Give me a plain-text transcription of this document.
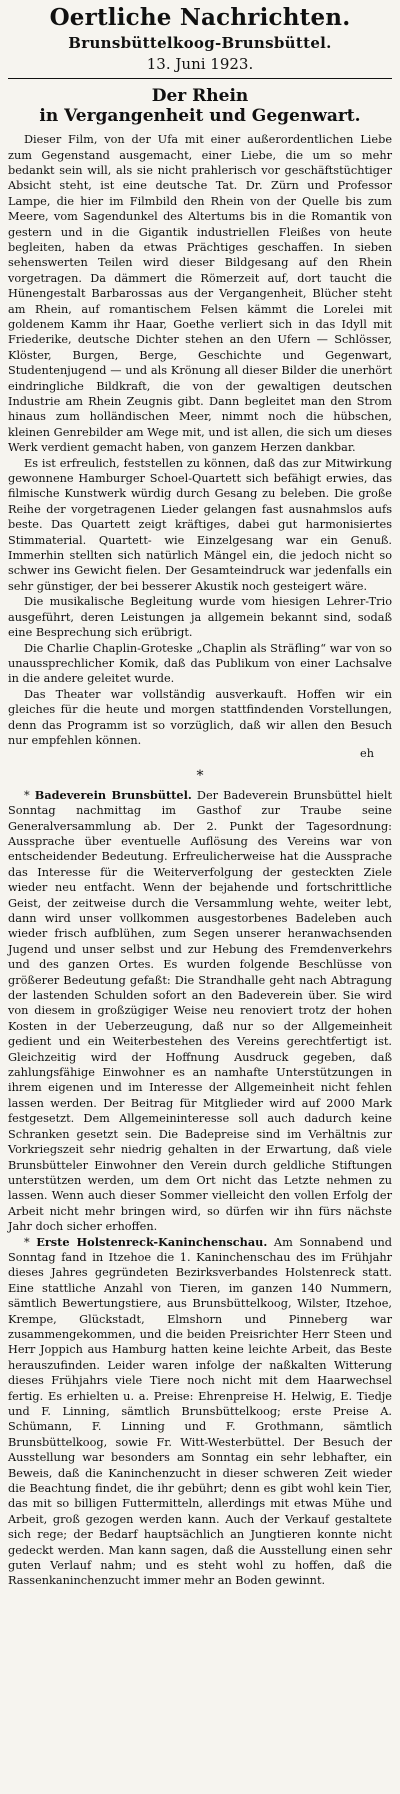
Oertliche Nachrichten.
Brunsbüttelkoog-Brunsbüttel.
13. Juni 1923.
Der Rhein
in Vergangenheit und Gegenwart.

Dieser Film, von der Ufa mit einer außerordentlichen Liebe zum Gegenstand ausgemacht, einer Liebe, die um so mehr bedankt sein will, als sie nicht prahlerisch vor geschäftstüchtiger Absicht steht, ist eine deutsche Tat. Dr. Zürn und Professor Lampe, die hier im Filmbild den Rhein von der Quelle bis zum Meere, vom Sagendunkel des Altertums bis in die Romantik von gestern und in die Gigantik industriellen Fleißes von heute begleiten, haben da etwas Prächtiges geschaffen. In sieben sehenswerten Teilen wird dieser Bildgesang auf den Rhein vorgetragen. Da dämmert die Römerzeit auf, dort taucht die Hünengestalt Barbarossas aus der Vergangenheit, Blücher steht am Rhein, auf romantischem Felsen kämmt die Lorelei mit goldenem Kamm ihr Haar, Goethe verliert sich in das Idyll mit Friederike, deutsche Dichter stehen an den Ufern — Schlösser, Klöster, Burgen, Berge, Geschichte und Gegenwart, Studentenjugend — und als Krönung all dieser Bilder die unerhört eindringliche Bildkraft, die von der gewaltigen deutschen Industrie am Rhein Zeugnis gibt. Dann begleitet man den Strom hinaus zum holländischen Meer, nimmt noch die hübschen, kleinen Genrebilder am Wege mit, und ist allen, die sich um dieses Werk verdient gemacht haben, von ganzem Herzen dankbar.

Es ist erfreulich, feststellen zu können, daß das zur Mitwirkung gewonnene Hamburger Schoel-Quartett sich befähigt erwies, das filmische Kunstwerk würdig durch Gesang zu beleben. Die große Reihe der vorgetragenen Lieder gelangen fast ausnahmslos aufs beste. Das Quartett zeigt kräftiges, dabei gut harmonisiertes Stimmaterial. Quartett- wie Einzelgesang war ein Genuß. Immerhin stellten sich natürlich Mängel ein, die jedoch nicht so schwer ins Gewicht fielen. Der Gesamteindruck war jedenfalls ein sehr günstiger, der bei besserer Akustik noch gesteigert wäre.

Die musikalische Begleitung wurde vom hiesigen Lehrer-Trio ausgeführt, deren Leistungen ja allgemein bekannt sind, sodaß eine Besprechung sich erübrigt.

Die Charlie Chaplin-Groteske „Chaplin als Sträfling“ war von so unaussprechlicher Komik, daß das Publikum von einer Lachsalve in die andere geleitet wurde.

Das Theater war vollständig ausverkauft. Hoffen wir ein gleiches für die heute und morgen stattfindenden Vorstellungen, denn das Programm ist so vorzüglich, daß wir allen den Besuch nur empfehlen können.

eh
*

* Badeverein Brunsbüttel. Der Badeverein Brunsbüttel hielt Sonntag nachmittag im Gasthof zur Traube seine Generalversammlung ab. Der 2. Punkt der Tagesordnung: Aussprache über eventuelle Auflösung des Vereins war von entscheidender Bedeutung. Erfreulicherweise hat die Aussprache das Interesse für die Weiterverfolgung der gesteckten Ziele wieder neu entfacht. Wenn der bejahende und fortschrittliche Geist, der zeitweise durch die Versammlung wehte, weiter lebt, dann wird unser vollkommen ausgestorbenes Badeleben auch wieder frisch aufblühen, zum Segen unserer heranwachsenden Jugend und unser selbst und zur Hebung des Fremdenverkehrs und des ganzen Ortes. Es wurden folgende Beschlüsse von größerer Bedeutung gefaßt: Die Strandhalle geht nach Abtragung der lastenden Schulden sofort an den Badeverein über. Sie wird von diesem in großzügiger Weise neu renoviert trotz der hohen Kosten in der Ueberzeugung, daß nur so der Allgemeinheit gedient und ein Weiterbestehen des Vereins gerechtfertigt ist. Gleichzeitig wird der Hoffnung Ausdruck gegeben, daß zahlungsfähige Einwohner es an namhafte Unterstützungen in ihrem eigenen und im Interesse der Allgemeinheit nicht fehlen lassen werden. Der Beitrag für Mitglieder wird auf 2000 Mark festgesetzt. Dem Allgemeininteresse soll auch dadurch keine Schranken gesetzt sein. Die Badepreise sind im Verhältnis zur Vorkriegszeit sehr niedrig gehalten in der Erwartung, daß viele Brunsbütteler Einwohner den Verein durch geldliche Stiftungen unterstützen werden, um dem Ort nicht das Letzte nehmen zu lassen. Wenn auch dieser Sommer vielleicht den vollen Erfolg der Arbeit nicht mehr bringen wird, so dürfen wir ihn fürs nächste Jahr doch sicher erhoffen.

* Erste Holstenreck-Kaninchenschau. Am Sonnabend und Sonntag fand in Itzehoe die 1. Kaninchenschau des im Frühjahr dieses Jahres gegründeten Bezirksverbandes Holstenreck statt. Eine stattliche Anzahl von Tieren, im ganzen 140 Nummern, sämtlich Bewertungstiere, aus Brunsbüttelkoog, Wilster, Itzehoe, Krempe, Glückstadt, Elmshorn und Pinneberg war zusammengekommen, und die beiden Preisrichter Herr Steen und Herr Joppich aus Hamburg hatten keine leichte Arbeit, das Beste herauszufinden. Leider waren infolge der naßkalten Witterung dieses Frühjahrs viele Tiere noch nicht mit dem Haarwechsel fertig. Es erhielten u. a. Preise: Ehrenpreise H. Helwig, E. Tiedje und F. Linning, sämtlich Brunsbüttelkoog; erste Preise A. Schümann, F. Linning und F. Grothmann, sämtlich Brunsbüttelkoog, sowie Fr. Witt-Westerbüttel. Der Besuch der Ausstellung war besonders am Sonntag ein sehr lebhafter, ein Beweis, daß die Kaninchenzucht in dieser schweren Zeit wieder die Beachtung findet, die ihr gebührt; denn es gibt wohl kein Tier, das mit so billigen Futtermitteln, allerdings mit etwas Mühe und Arbeit, groß gezogen werden kann. Auch der Verkauf gestaltete sich rege; der Bedarf hauptsächlich an Jungtieren konnte nicht gedeckt werden. Man kann sagen, daß die Ausstellung einen sehr guten Verlauf nahm; und es steht wohl zu hoffen, daß die Rassenkaninchenzucht immer mehr an Boden gewinnt.
